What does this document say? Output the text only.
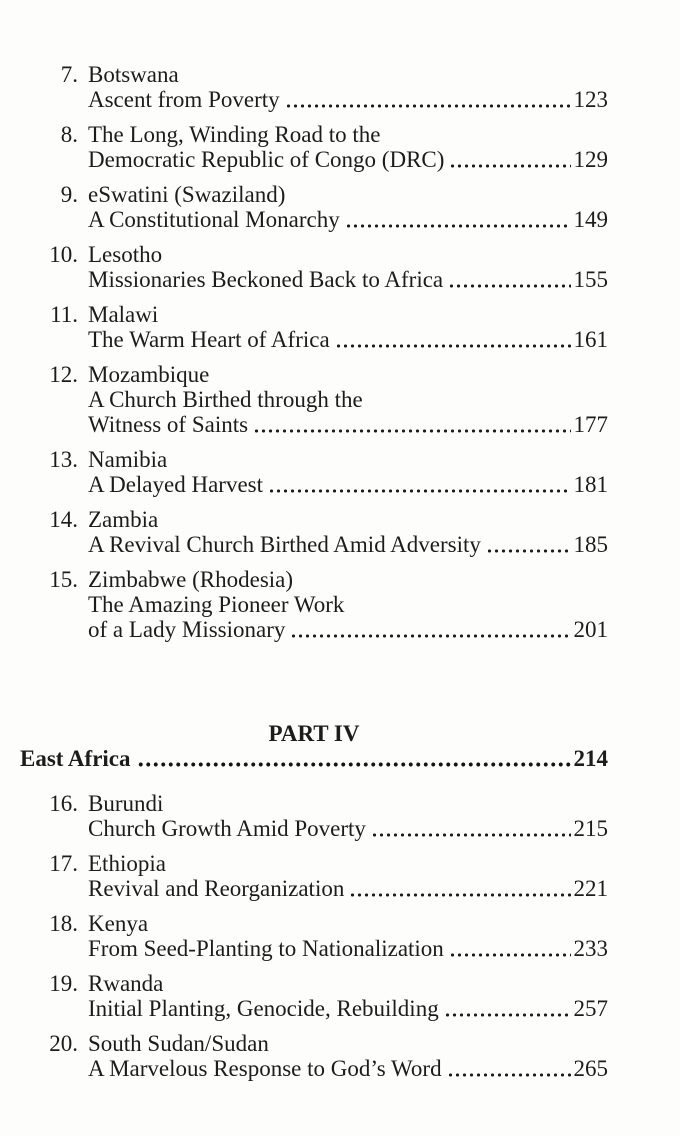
7. Botswana
Ascent from Poverty	123
8. The Long, Winding Road to the
Democratic Republic of Congo (DRC)	129
9. eSwatini (Swaziland)
A Constitutional Monarchy	149
10. Lesotho
Missionaries Beckoned Back to Africa	155
11. Malawi
The Warm Heart of Africa	161
12. Mozambique
A Church Birthed through the
Witness of Saints	177
13. Namibia
A Delayed Harvest	181
14. Zambia
A Revival Church Birthed Amid Adversity	185
15. Zimbabwe (Rhodesia)
The Amazing Pioneer Work
of a Lady Missionary	201
PART IV
East Africa	214
16. Burundi
Church Growth Amid Poverty	215
17. Ethiopia
Revival and Reorganization	221
18. Kenya
From Seed-Planting to Nationalization	233
19. Rwanda
Initial Planting, Genocide, Rebuilding	257
20. South Sudan/Sudan
A Marvelous Response to God’s Word	265
